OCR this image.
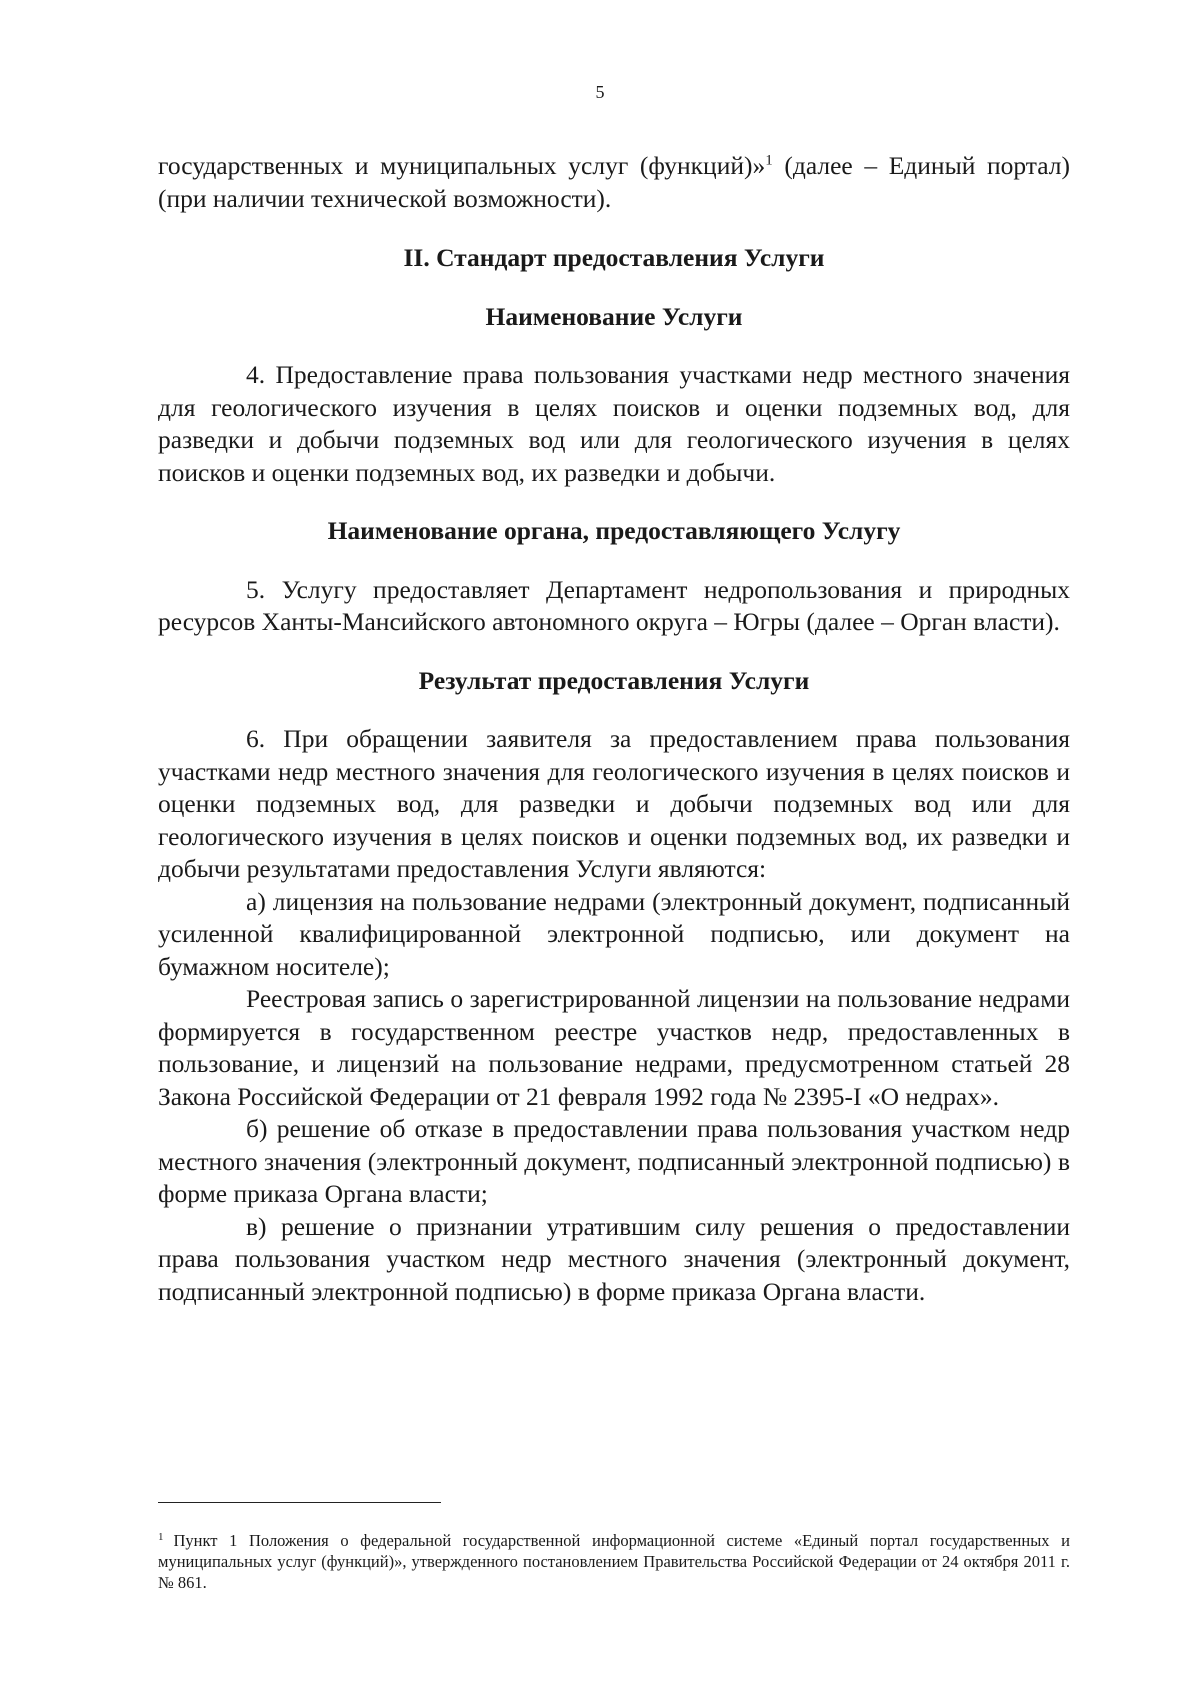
5

государственных и муниципальных услуг (функций)»$^1$ (далее – Единый портал) (при наличии технической возможности).

II. Стандарт предоставления Услуги
Наименование Услуги

4. Предоставление права пользования участками недр местного значения для геологического изучения в целях поисков и оценки подземных вод, для разведки и добычи подземных вод или для геологического изучения в целях поисков и оценки подземных вод, их разведки и добычи.

Наименование органа, предоставляющего Услугу

5. Услугу предоставляет Департамент недропользования и природных ресурсов Ханты-Мансийского автономного округа – Югры (далее – Орган власти).

Результат предоставления Услуги

6. При обращении заявителя за предоставлением права пользования участками недр местного значения для геологического изучения в целях поисков и оценки подземных вод, для разведки и добычи подземных вод или для геологического изучения в целях поисков и оценки подземных вод, их разведки и добычи результатами предоставления Услуги являются:

а) лицензия на пользование недрами (электронный документ, подписанный усиленной квалифицированной электронной подписью, или документ на бумажном носителе);

Реестровая запись о зарегистрированной лицензии на пользование недрами формируется в государственном реестре участков недр, предоставленных в пользование, и лицензий на пользование недрами, предусмотренном статьей 28 Закона Российской Федерации от 21 февраля 1992 года № 2395-I «О недрах».

б) решение об отказе в предоставлении права пользования участком недр местного значения (электронный документ, подписанный электронной подписью) в форме приказа Органа власти;

в) решение о признании утратившим силу решения о предоставлении права пользования участком недр местного значения (электронный документ, подписанный электронной подписью) в форме приказа Органа власти.

$^1$ Пункт 1 Положения о федеральной государственной информационной системе «Единый портал государственных и муниципальных услуг (функций)», утвержденного постановлением Правительства Российской Федерации от 24 октября 2011 г. № 861.
